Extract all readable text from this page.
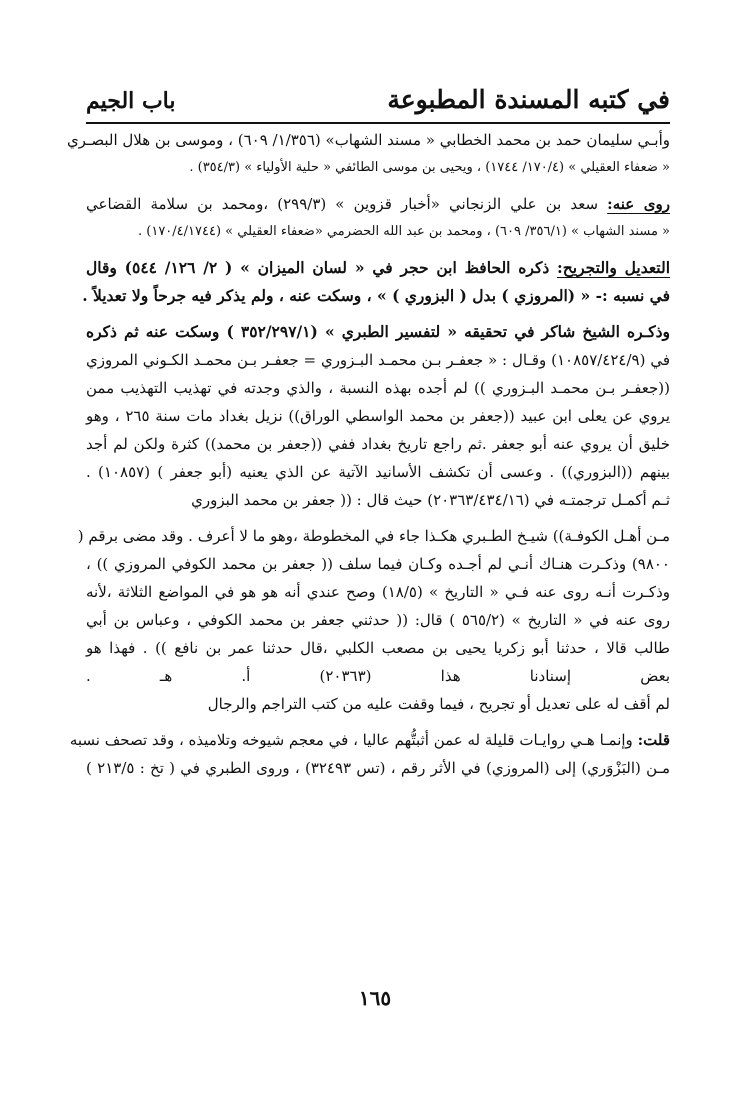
في كتبه المسندة المطبوعة
باب الجيم
وأبـي سليمان حمد بن محمد الخطابي « مسند الشهاب» (١/٣٥٦/ ٦٠٩) ، وموسى بن هلال البصـري
« ضعفاء العقيلي » (١٧٠/٤/ ١٧٤٤) ، ويحيى بن موسى الطائفي « حلية الأولياء » (٣٥٤/٣) .
روى عنه: سعد بن علي الزنجاني «أخبار قزوين » (٢٩٩/٣) ،ومحمد بن سلامة القضاعي
« مسند الشهاب » (٣٥٦/١/ ٦٠٩) ، ومحمد بن عبد الله الحضرمي «ضعفاء العقيلي » (١٧٠/٤/١٧٤٤) .
التعديل والتجريح: ذكره الحافظ ابن حجر في « لسان الميزان » ( ٢/ ١٢٦/ ٥٤٤) وقال
في نسبه :- « (المروزي ) بدل ( البزوري ) » ، وسكت عنه ، ولم يذكر فيه جرحاً ولا تعديلاً .
وذكـره الشيخ شاكر في تحقيقه « لتفسير الطبري » (٣٥٢/٢٩٧/١ ) وسكت عنه ثم ذكره
في (١٠٨٥٧/٤٢٤/٩) وقـال : « جعفـر بـن محمـد البـزوري = جعفـر بـن محمـد الكـوني المروزي
((جعفـر بـن محمـد البـزوري )) لم أجده بهذه النسبة ، والذي وجدته في تهذيب التهذيب ممن
يروي عن يعلى ابن عبيد ((جعفر بن محمد الواسطي الوراق)) نزيل بغداد مات سنة ٢٦٥ ، وهو
خليق أن يروي عنه أبو جعفر .ثم راجع تاريخ بغداد ففي ((جعفر بن محمد)) كثرة ولكن لم أجد
بينهم ((البزوري)) . وعسى أن تكشف الأسانيد الآتية عن الذي يعنيه (أبو جعفر ) (١٠٨٥٧) .
ثـم أكمـل ترجمتـه في (٢٠٣٦٣/٤٣٤/١٦) حيث قال : (( جعفر بن محمد البزوري
مـن أهـل الكوفـة)) شيـخ الطـبري هكـذا جاء في المخطوطة ،وهو ما لا أعرف . وقد مضى برقم (
٩٨٠٠) وذكـرت هنـاك أنـي لم أجـده وكـان فيما سلف (( جعفر بن محمد الكوفي المروزي )) ،
وذكـرت أنـه روى عنه فـي « التاريخ » (١٨/٥) وصح عندي أنه هو هو في المواضع الثلاثة ،لأنه
روى عنه في « التاريخ » (٥٦٥/٢ ) قال: (( حدثني جعفر بن محمد الكوفي ، وعباس بن أبي
طالب قالا ، حدثنا أبو زكريا يحيى بن مصعب الكلبي ،قال حدثنا عمر بن نافع )) . فهذا هو
بعض إسنادنا هذا (٢٠٣٦٣) أ. هـ .
لم أقف له على تعديل أو تجريح ، فيما وقفت عليه من كتب التراجم والرجال
قلت: وإنمـا هـي روايـات قليلة له عمن أثبتُّهم عاليا ، في معجم شيوخه وتلاميذه ، وقد تصحف نسبه
مـن (البَزْوَري) إلى (المروزي) في الأثر رقم ، (تس ٣٢٤٩٣) ، وروى الطبري في ( تخ : ٢١٣/٥ )
١٦٥
